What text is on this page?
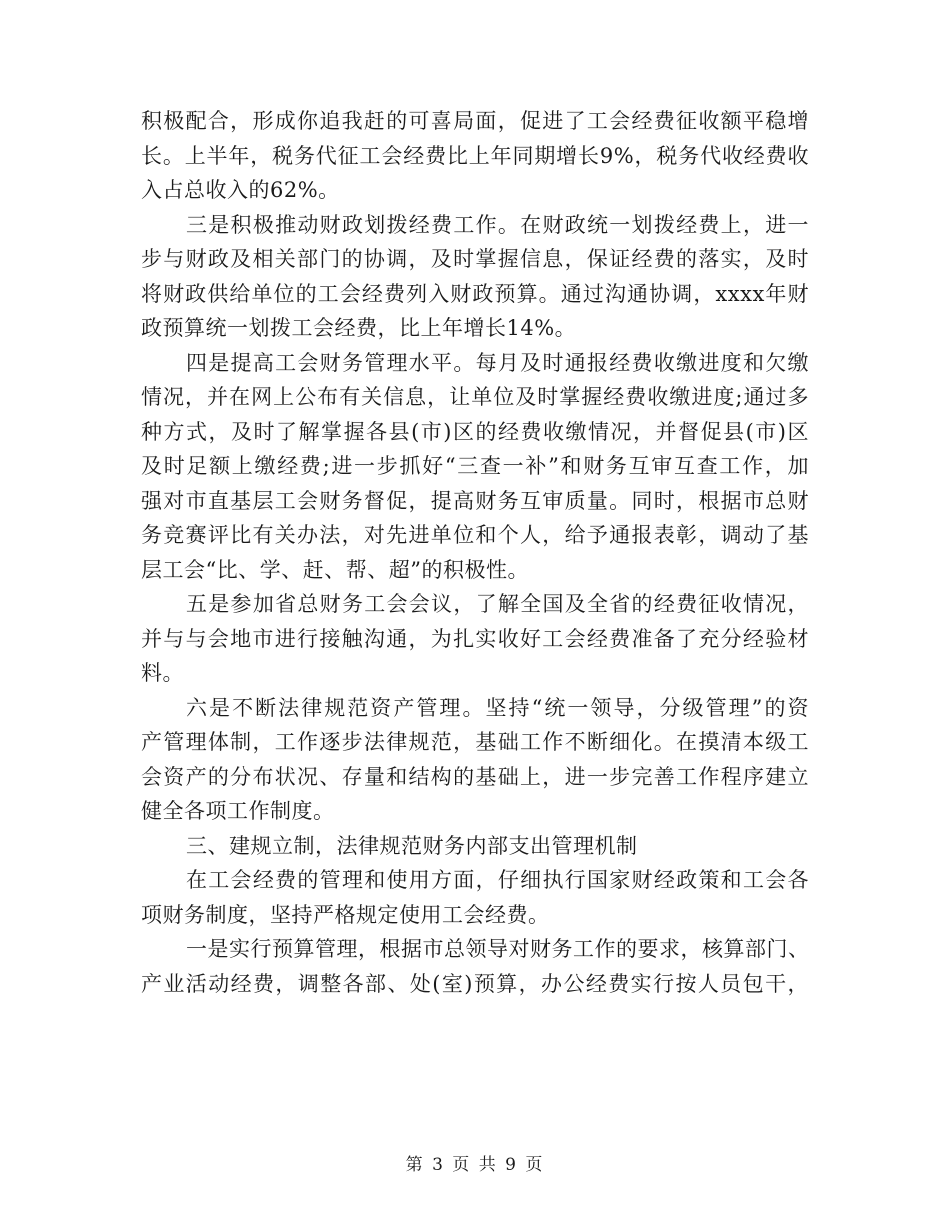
积极配合，形成你追我赶的可喜局面，促进了工会经费征收额平稳增
长。上半年，税务代征工会经费比上年同期增长9%，税务代收经费收
入占总收入的62%。
三是积极推动财政划拨经费工作。在财政统一划拨经费上，进一
步与财政及相关部门的协调，及时掌握信息，保证经费的落实，及时
将财政供给单位的工会经费列入财政预算。通过沟通协调，xxxx年财
政预算统一划拨工会经费，比上年增长14%。
四是提高工会财务管理水平。每月及时通报经费收缴进度和欠缴
情况，并在网上公布有关信息，让单位及时掌握经费收缴进度;通过多
种方式，及时了解掌握各县(市)区的经费收缴情况，并督促县(市)区
及时足额上缴经费;进一步抓好“三查一补”和财务互审互查工作，加
强对市直基层工会财务督促，提高财务互审质量。同时，根据市总财
务竞赛评比有关办法，对先进单位和个人，给予通报表彰，调动了基
层工会“比、学、赶、帮、超”的积极性。
五是参加省总财务工会会议，了解全国及全省的经费征收情况，
并与与会地市进行接触沟通，为扎实收好工会经费准备了充分经验材
料。
六是不断法律规范资产管理。坚持“统一领导，分级管理”的资
产管理体制，工作逐步法律规范，基础工作不断细化。在摸清本级工
会资产的分布状况、存量和结构的基础上，进一步完善工作程序建立
健全各项工作制度。
三、建规立制，法律规范财务内部支出管理机制
在工会经费的管理和使用方面，仔细执行国家财经政策和工会各
项财务制度，坚持严格规定使用工会经费。
一是实行预算管理，根据市总领导对财务工作的要求，核算部门、
产业活动经费，调整各部、处(室)预算，办公经费实行按人员包干，
第 3 页 共 9 页
